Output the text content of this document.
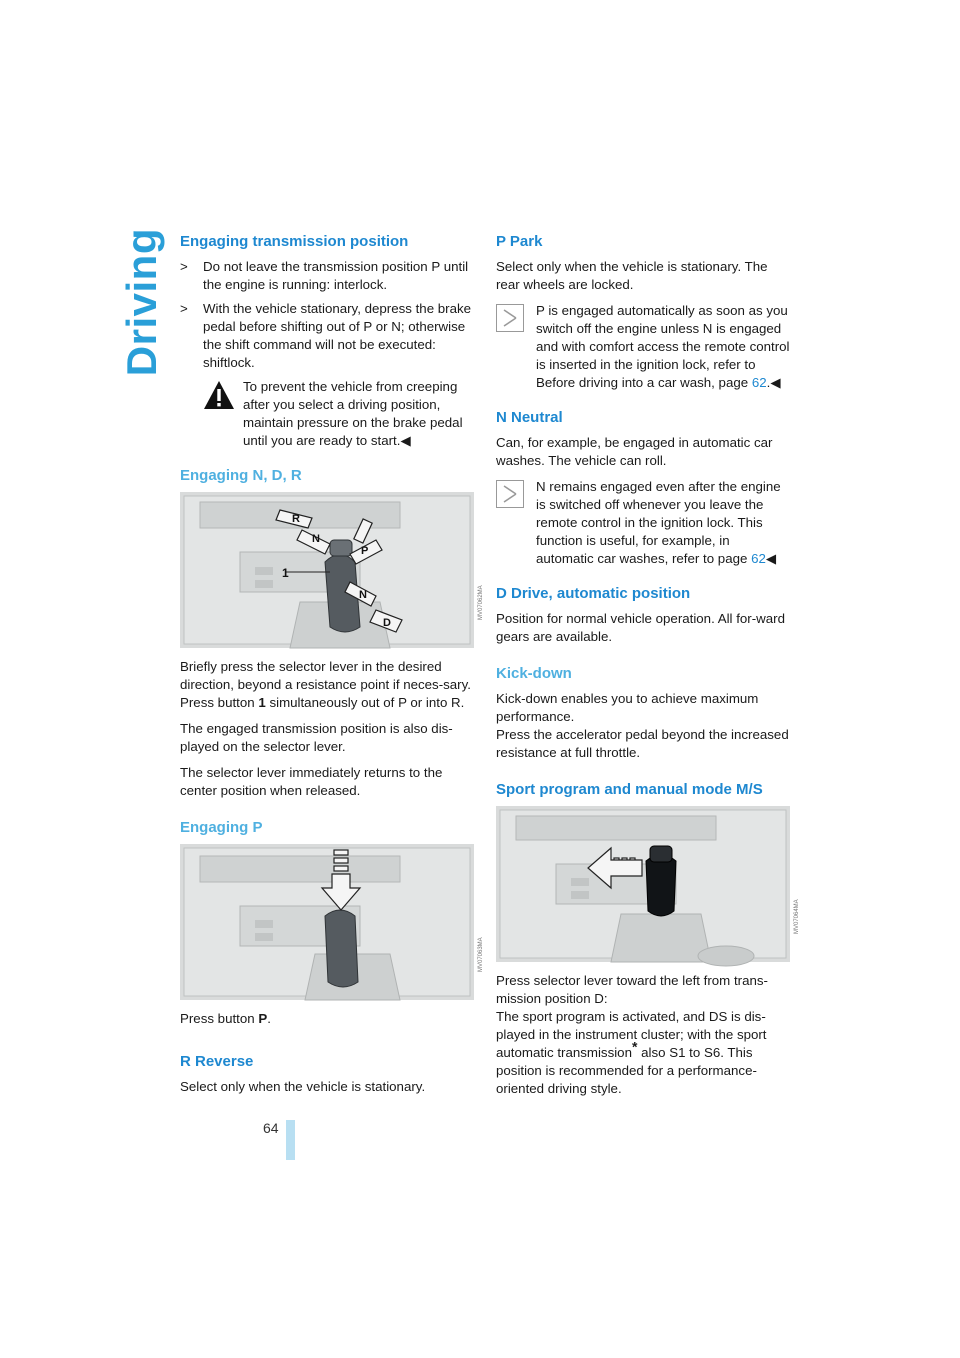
Driving
64
Engaging transmission position
> Do not leave the transmission position P until the engine is running: interlock.
> With the vehicle stationary, depress the brake pedal before shifting out of P or N; otherwise the shift command will not be executed: shiftlock.
To prevent the vehicle from creeping after you select a driving position, maintain pressure on the brake pedal until you are ready to start.◀
Engaging N, D, R
R
N
P
N
D
1
MV07062MA

Briefly press the selector lever in the desired direction, beyond a resistance point if neces-sary. Press button 1 simultaneously out of P or into R.

The engaged transmission position is also dis-played on the selector lever.

The selector lever immediately returns to the center position when released.

Engaging P
MV07063MA

Press button P.

R Reverse

Select only when the vehicle is stationary.

P Park

Select only when the vehicle is stationary. The rear wheels are locked.

P is engaged automatically as soon as you switch off the engine unless N is engaged and with comfort access the remote control is inserted in the ignition lock, refer to Before driving into a car wash, page 62.◀
N Neutral

Can, for example, be engaged in automatic car washes. The vehicle can roll.

N remains engaged even after the engine is switched off whenever you leave the remote control in the ignition lock. This function is useful, for example, in automatic car washes, refer to page 62◀
D Drive, automatic position

Position for normal vehicle operation. All for-ward gears are available.

Kick-down
Kick-down enables you to achieve maximum performance.

Press the accelerator pedal beyond the increased resistance at full throttle.

Sport program and manual mode M/S
MV07064MA
Press selector lever toward the left from trans-mission position D:

The sport program is activated, and DS is dis-played in the instrument cluster; with the sport automatic transmission* also S1 to S6. This position is recommended for a performance-oriented driving style.
